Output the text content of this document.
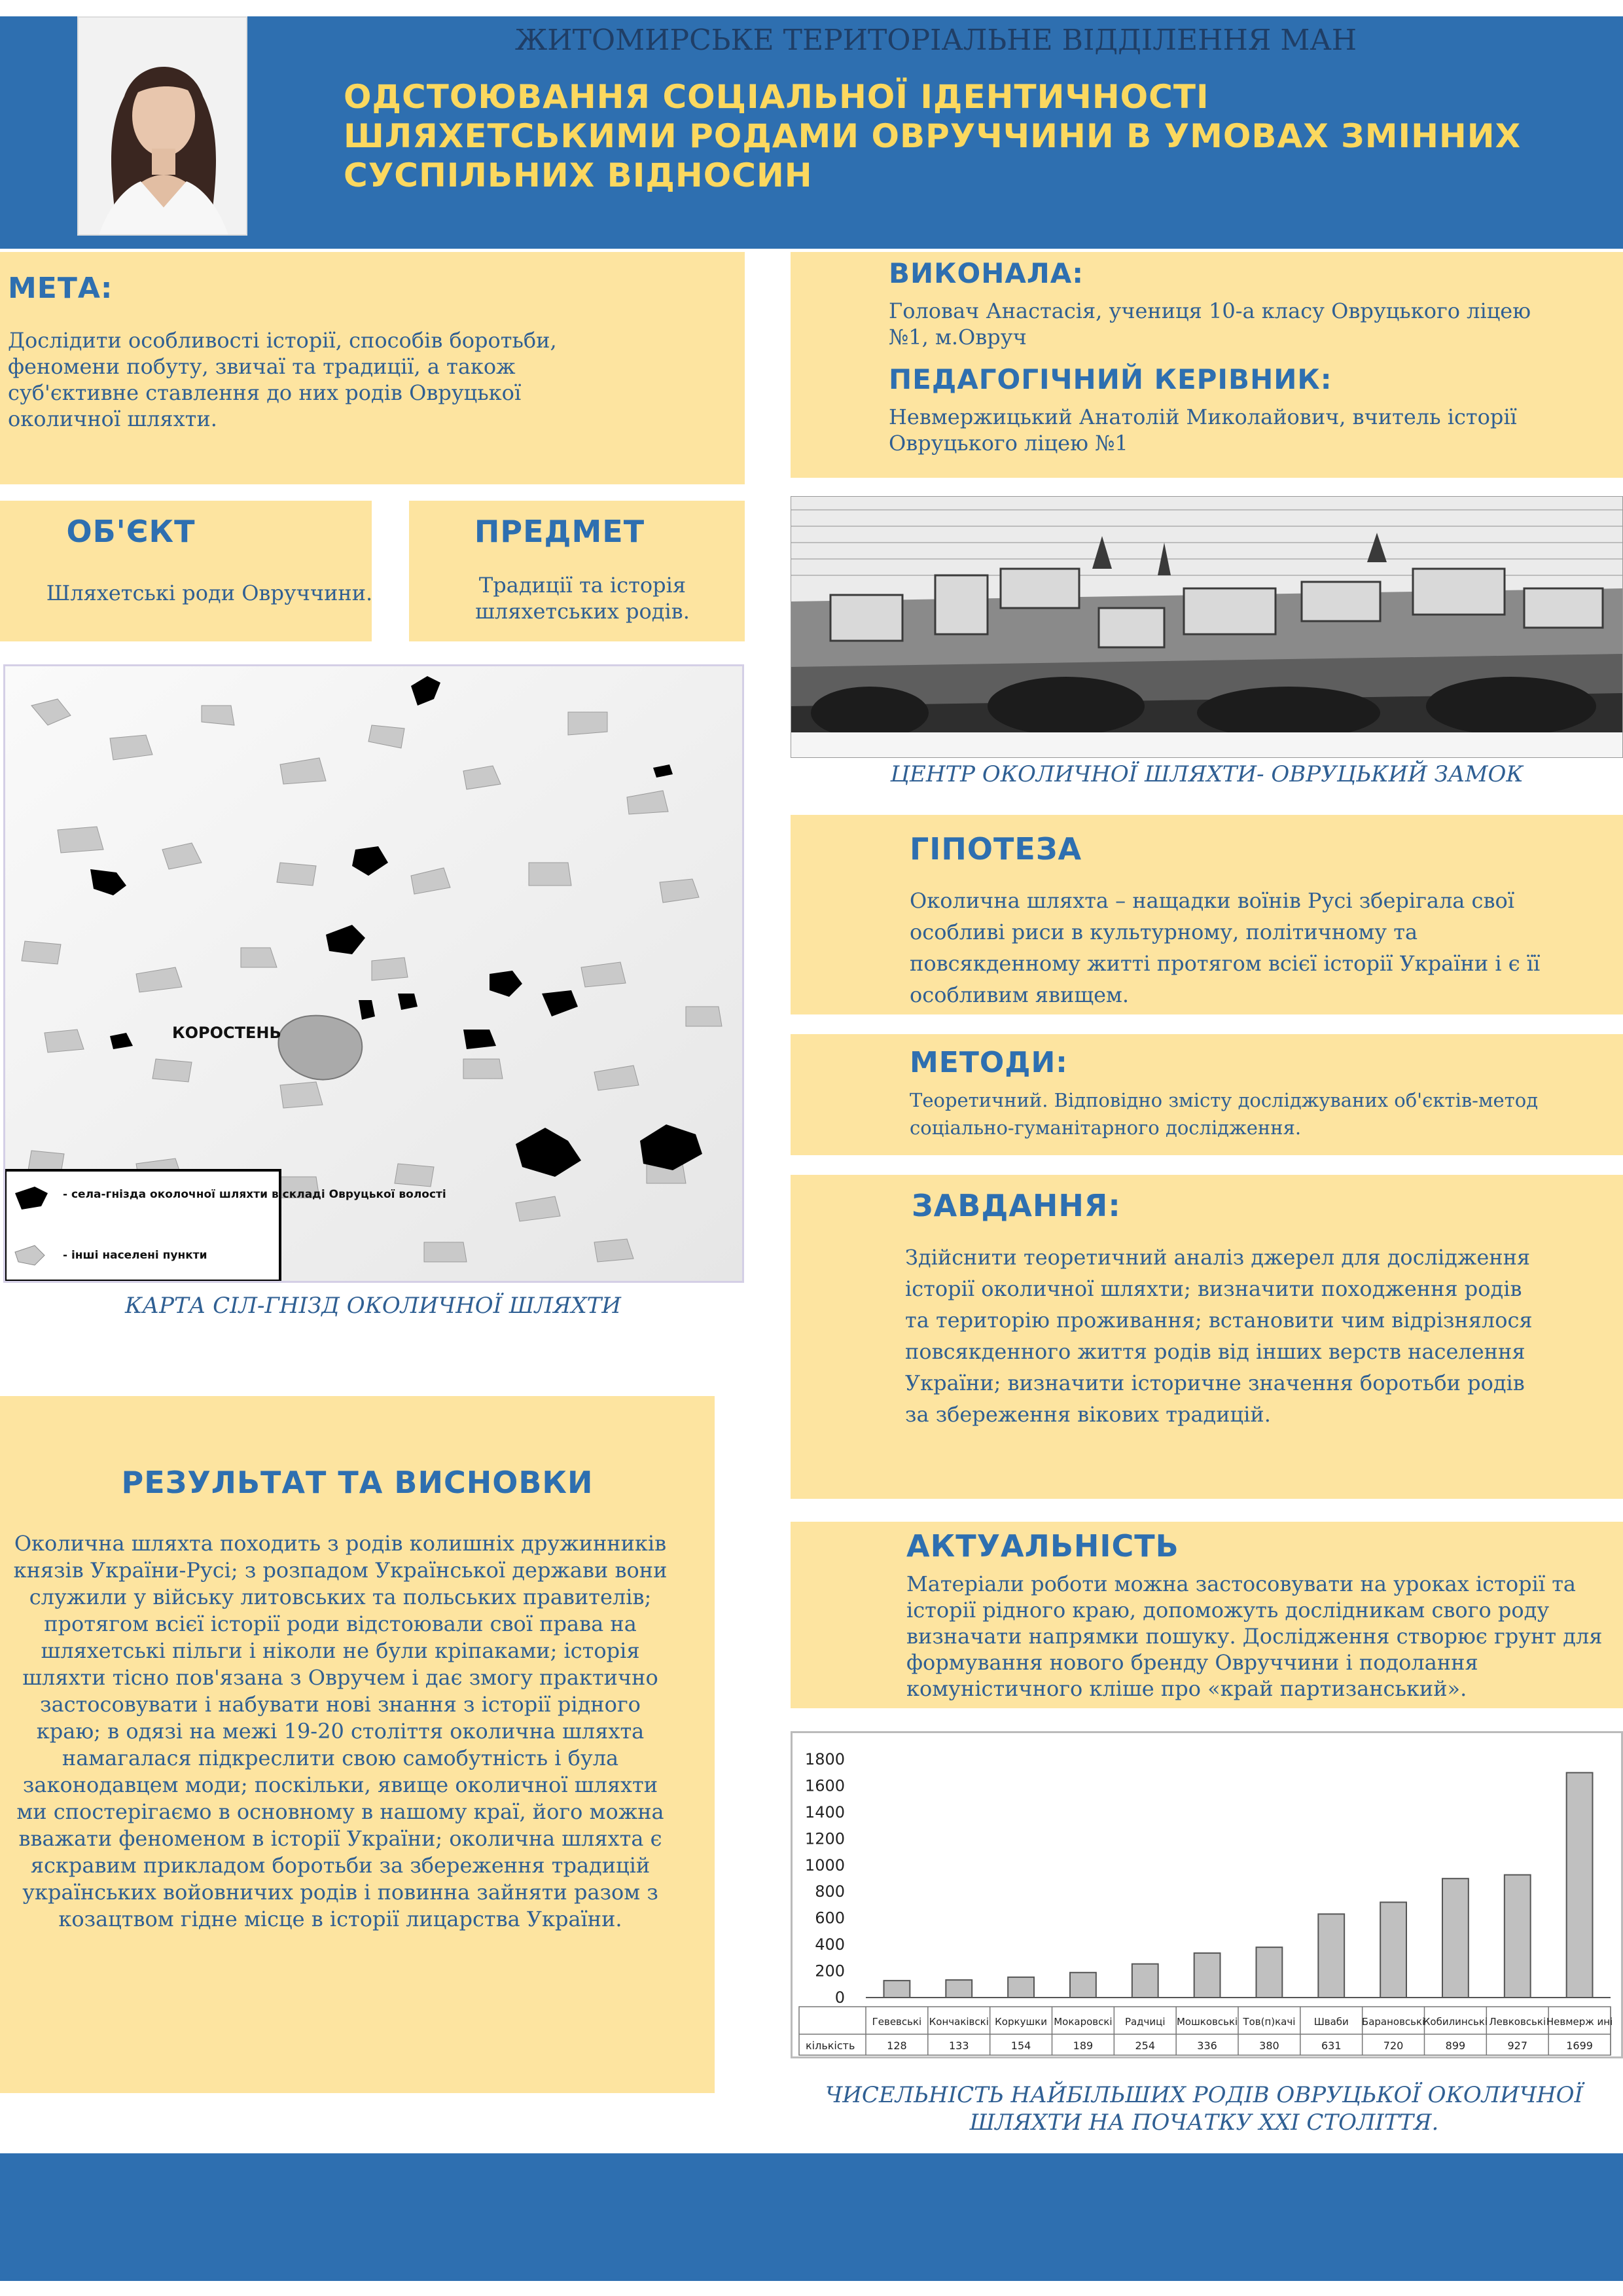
ЖИТОМИРСЬКЕ ТЕРИТОРІАЛЬНЕ ВІДДІЛЕННЯ МАН
ОДСТОЮВАННЯ СОЦІАЛЬНОЇ ІДЕНТИЧНОСТІ ШЛЯХЕТСЬКИМИ РОДАМИ ОВРУЧЧИНИ В УМОВАХ ЗМІННИХ СУСПІЛЬНИХ ВІДНОСИН
МЕТА:
Дослідити особливості історії, способів боротьби, феномени побуту, звичаї та традиції, а також суб'єктивне ставлення до них родів Овруцької околичної шляхти.
ВИКОНАЛА:
Головач Анастасія, учениця 10-а класу Овруцького ліцею №1, м.Овруч
ПЕДАГОГІЧНИЙ КЕРІВНИК:
Невмержицький Анатолій Миколайович, вчитель історії Овруцького ліцею №1
ОБ'ЄКТ
Шляхетські роди Овруччини.
ПРЕДМЕТ
Традиції та історія шляхетських родів.
КОРОСТЕНЬ
- села-гнізда околочної шляхти в складі Овруцької волості
- інші населені пункти
КАРТА СІЛ-ГНІЗД ОКОЛИЧНОЇ ШЛЯХТИ
ЦЕНТР ОКОЛИЧНОЇ ШЛЯХТИ- ОВРУЦЬКИЙ ЗАМОК
ГІПОТЕЗА
Околична шляхта – нащадки воїнів Русі зберігала свої особливі риси в культурному, політичному та повсякденному житті протягом всієї історії України і є її особливим явищем.
МЕТОДИ:
Теоретичний. Відповідно змісту досліджуваних об'єктів-метод соціально-гуманітарного дослідження.
ЗАВДАННЯ:
Здійснити теоретичний аналіз джерел для дослідження історії околичної шляхти; визначити походження родів та територію проживання; встановити чим відрізнялося повсякденного життя родів від інших верств населення України; визначити історичне значення боротьби родів за збереження вікових традицій.
АКТУАЛЬНІСТЬ
Матеріали роботи можна застосовувати на уроках історії та історії рідного краю, допоможуть дослідникам свого роду визначати напрямки пошуку. Дослідження створює грунт для формування нового бренду Овруччини і подолання комуністичного кліше про «край партизанський».
РЕЗУЛЬТАТ ТА ВИСНОВКИ
Околична шляхта походить з родів колишніх дружинників князів України-Русі; з розпадом Української держави вони служили у війську литовських та польських правителів; протягом всієї історії роди відстоювали свої права на шляхетські пільги і ніколи не були кріпаками; історія шляхти тісно пов'язана з Овручем і дає змогу практично застосовувати і набувати нові знання з історії рідного краю; в одязі на межі 19-20 століття околична шляхта намагалася підкреслити свою самобутність і була законодавцем моди; поскільки, явище околичної шляхти ми спостерігаємо в основному в нашому краї, його можна вважати феноменом в історії України; околична шляхта є яскравим прикладом боротьби за збереження традицій українських войовничих родів і повинна зайняти разом з козацтвом гідне місце в історії лицарства України.
0
200
400
600
800
1000
1200
1400
1600
1800
кількість
Гевевські
128
Кончаківскі
133
Коркушки
154
Мокаровскі
189
Радчиці
254
Мошковські
336
Тов(п)качі
380
Шваби
631
Барановські
720
Кобилинські
899
Левковські
927
Невмерж ині
1699
ЧИСЕЛЬНІСТЬ НАЙБІЛЬШИХ РОДІВ ОВРУЦЬКОЇ ОКОЛИЧНОЇ ШЛЯХТИ НА ПОЧАТКУ XXI СТОЛІТТЯ.
